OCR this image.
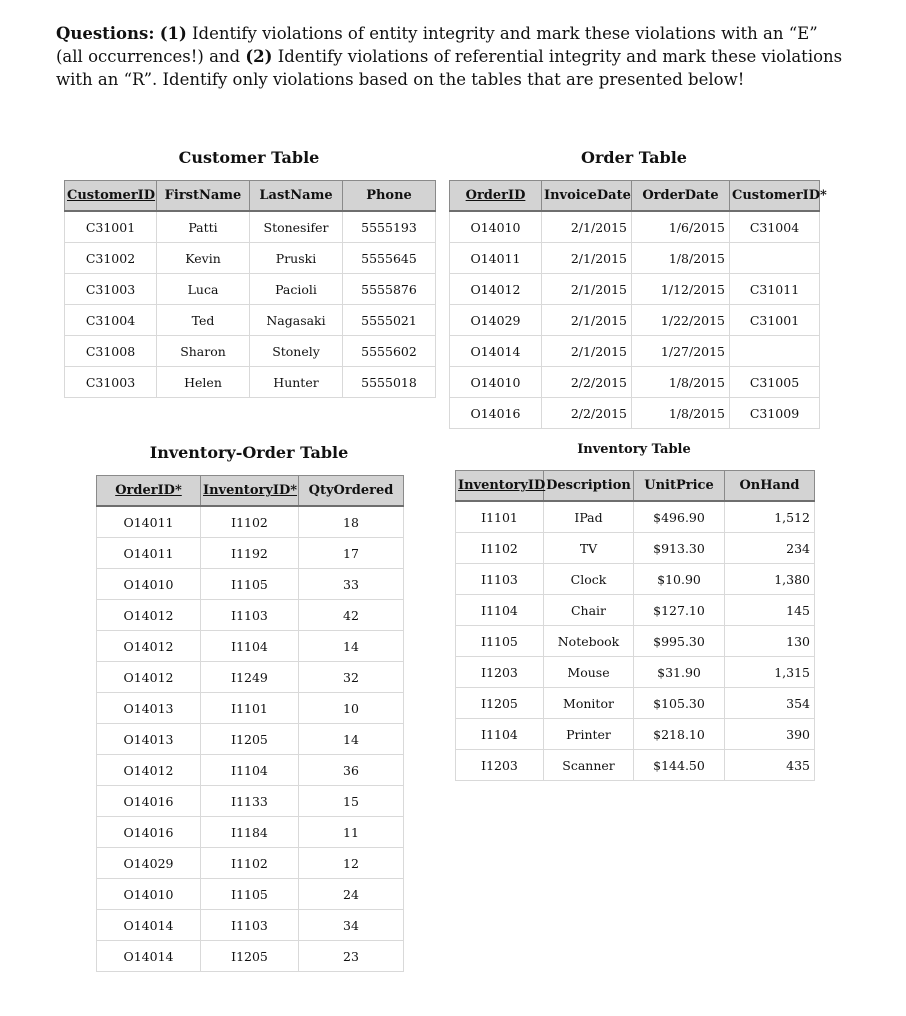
Questions: (1) Identify violations of entity integrity and mark these violations with an “E” (all occurrences!) and (2) Identify violations of referential integrity and mark these violations with an “R”. Identify only violations based on the tables that are presented below!
Customer Table
CustomerID	FirstName	LastName	Phone
C31001	Patti	Stonesifer	5555193
C31002	Kevin	Pruski	5555645
C31003	Luca	Pacioli	5555876
C31004	Ted	Nagasaki	5555021
C31008	Sharon	Stonely	5555602
C31003	Helen	Hunter	5555018
Order Table
OrderID	InvoiceDate	OrderDate	CustomerID*
O14010	2/1/2015	1/6/2015	C31004
O14011	2/1/2015	1/8/2015	
O14012	2/1/2015	1/12/2015	C31011
O14029	2/1/2015	1/22/2015	C31001
O14014	2/1/2015	1/27/2015	
O14010	2/2/2015	1/8/2015	C31005
O14016	2/2/2015	1/8/2015	C31009
Inventory-Order Table
OrderID*	InventoryID*	QtyOrdered
O14011	I1102	18
O14011	I1192	17
O14010	I1105	33
O14012	I1103	42
O14012	I1104	14
O14012	I1249	32
O14013	I1101	10
O14013	I1205	14
O14012	I1104	36
O14016	I1133	15
O14016	I1184	11
O14029	I1102	12
O14010	I1105	24
O14014	I1103	34
O14014	I1205	23
Inventory Table
InventoryID	Description	UnitPrice	OnHand
I1101	IPad	$496.90	1,512
I1102	TV	$913.30	234
I1103	Clock	$10.90	1,380
I1104	Chair	$127.10	145
I1105	Notebook	$995.30	130
I1203	Mouse	$31.90	1,315
I1205	Monitor	$105.30	354
I1104	Printer	$218.10	390
I1203	Scanner	$144.50	435
